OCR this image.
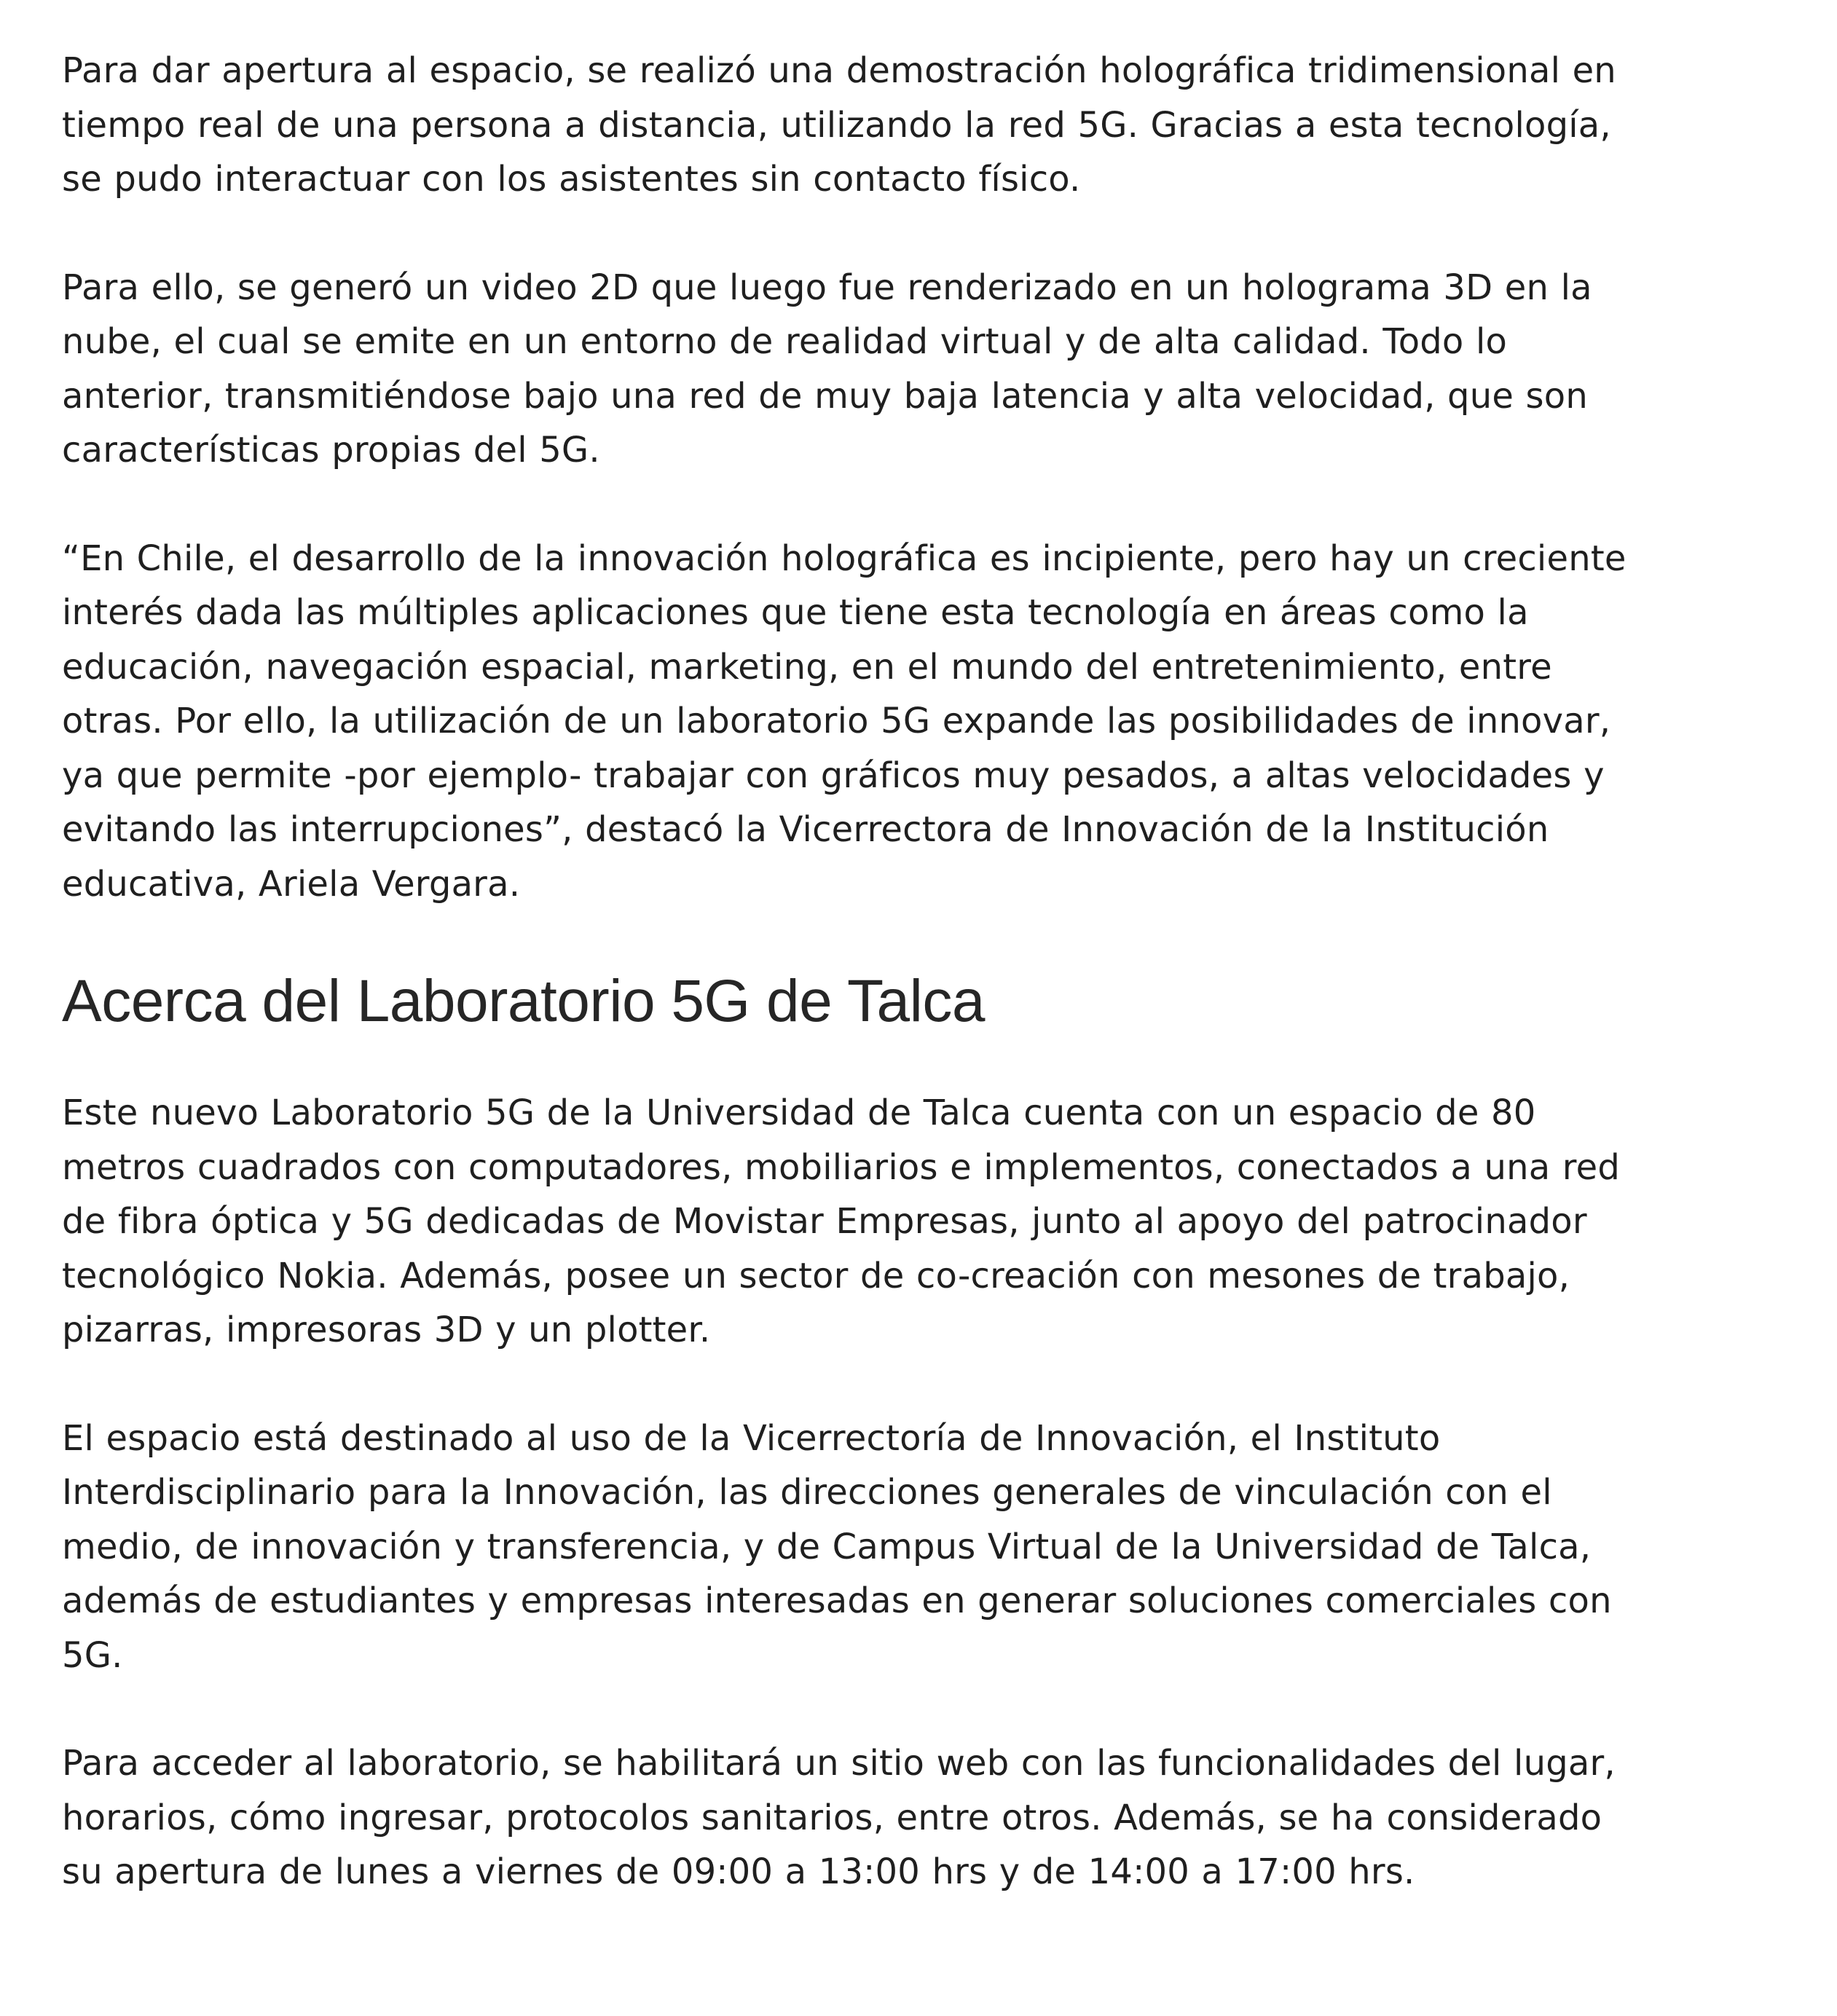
Para dar apertura al espacio, se realizó una demostración holográfica tridimensional en
tiempo real de una persona a distancia, utilizando la red 5G. Gracias a esta tecnología,
se pudo interactuar con los asistentes sin contacto físico.

Para ello, se generó un video 2D que luego fue renderizado en un holograma 3D en la
nube, el cual se emite en un entorno de realidad virtual y de alta calidad. Todo lo
anterior, transmitiéndose bajo una red de muy baja latencia y alta velocidad, que son
características propias del 5G.

“En Chile, el desarrollo de la innovación holográfica es incipiente, pero hay un creciente
interés dada las múltiples aplicaciones que tiene esta tecnología en áreas como la
educación, navegación espacial, marketing, en el mundo del entretenimiento, entre
otras. Por ello, la utilización de un laboratorio 5G expande las posibilidades de innovar,
ya que permite -por ejemplo- trabajar con gráficos muy pesados, a altas velocidades y
evitando las interrupciones”, destacó la Vicerrectora de Innovación de la Institución
educativa, Ariela Vergara.

Acerca del Laboratorio 5G de Talca

Este nuevo Laboratorio 5G de la Universidad de Talca cuenta con un espacio de 80
metros cuadrados con computadores, mobiliarios e implementos, conectados a una red
de fibra óptica y 5G dedicadas de Movistar Empresas, junto al apoyo del patrocinador
tecnológico Nokia. Además, posee un sector de co-creación con mesones de trabajo,
pizarras, impresoras 3D y un plotter.

El espacio está destinado al uso de la Vicerrectoría de Innovación, el Instituto
Interdisciplinario para la Innovación, las direcciones generales de vinculación con el
medio, de innovación y transferencia, y de Campus Virtual de la Universidad de Talca,
además de estudiantes y empresas interesadas en generar soluciones comerciales con
5G.

Para acceder al laboratorio, se habilitará un sitio web con las funcionalidades del lugar,
horarios, cómo ingresar, protocolos sanitarios, entre otros. Además, se ha considerado
su apertura de lunes a viernes de 09:00 a 13:00 hrs y de 14:00 a 17:00 hrs.
